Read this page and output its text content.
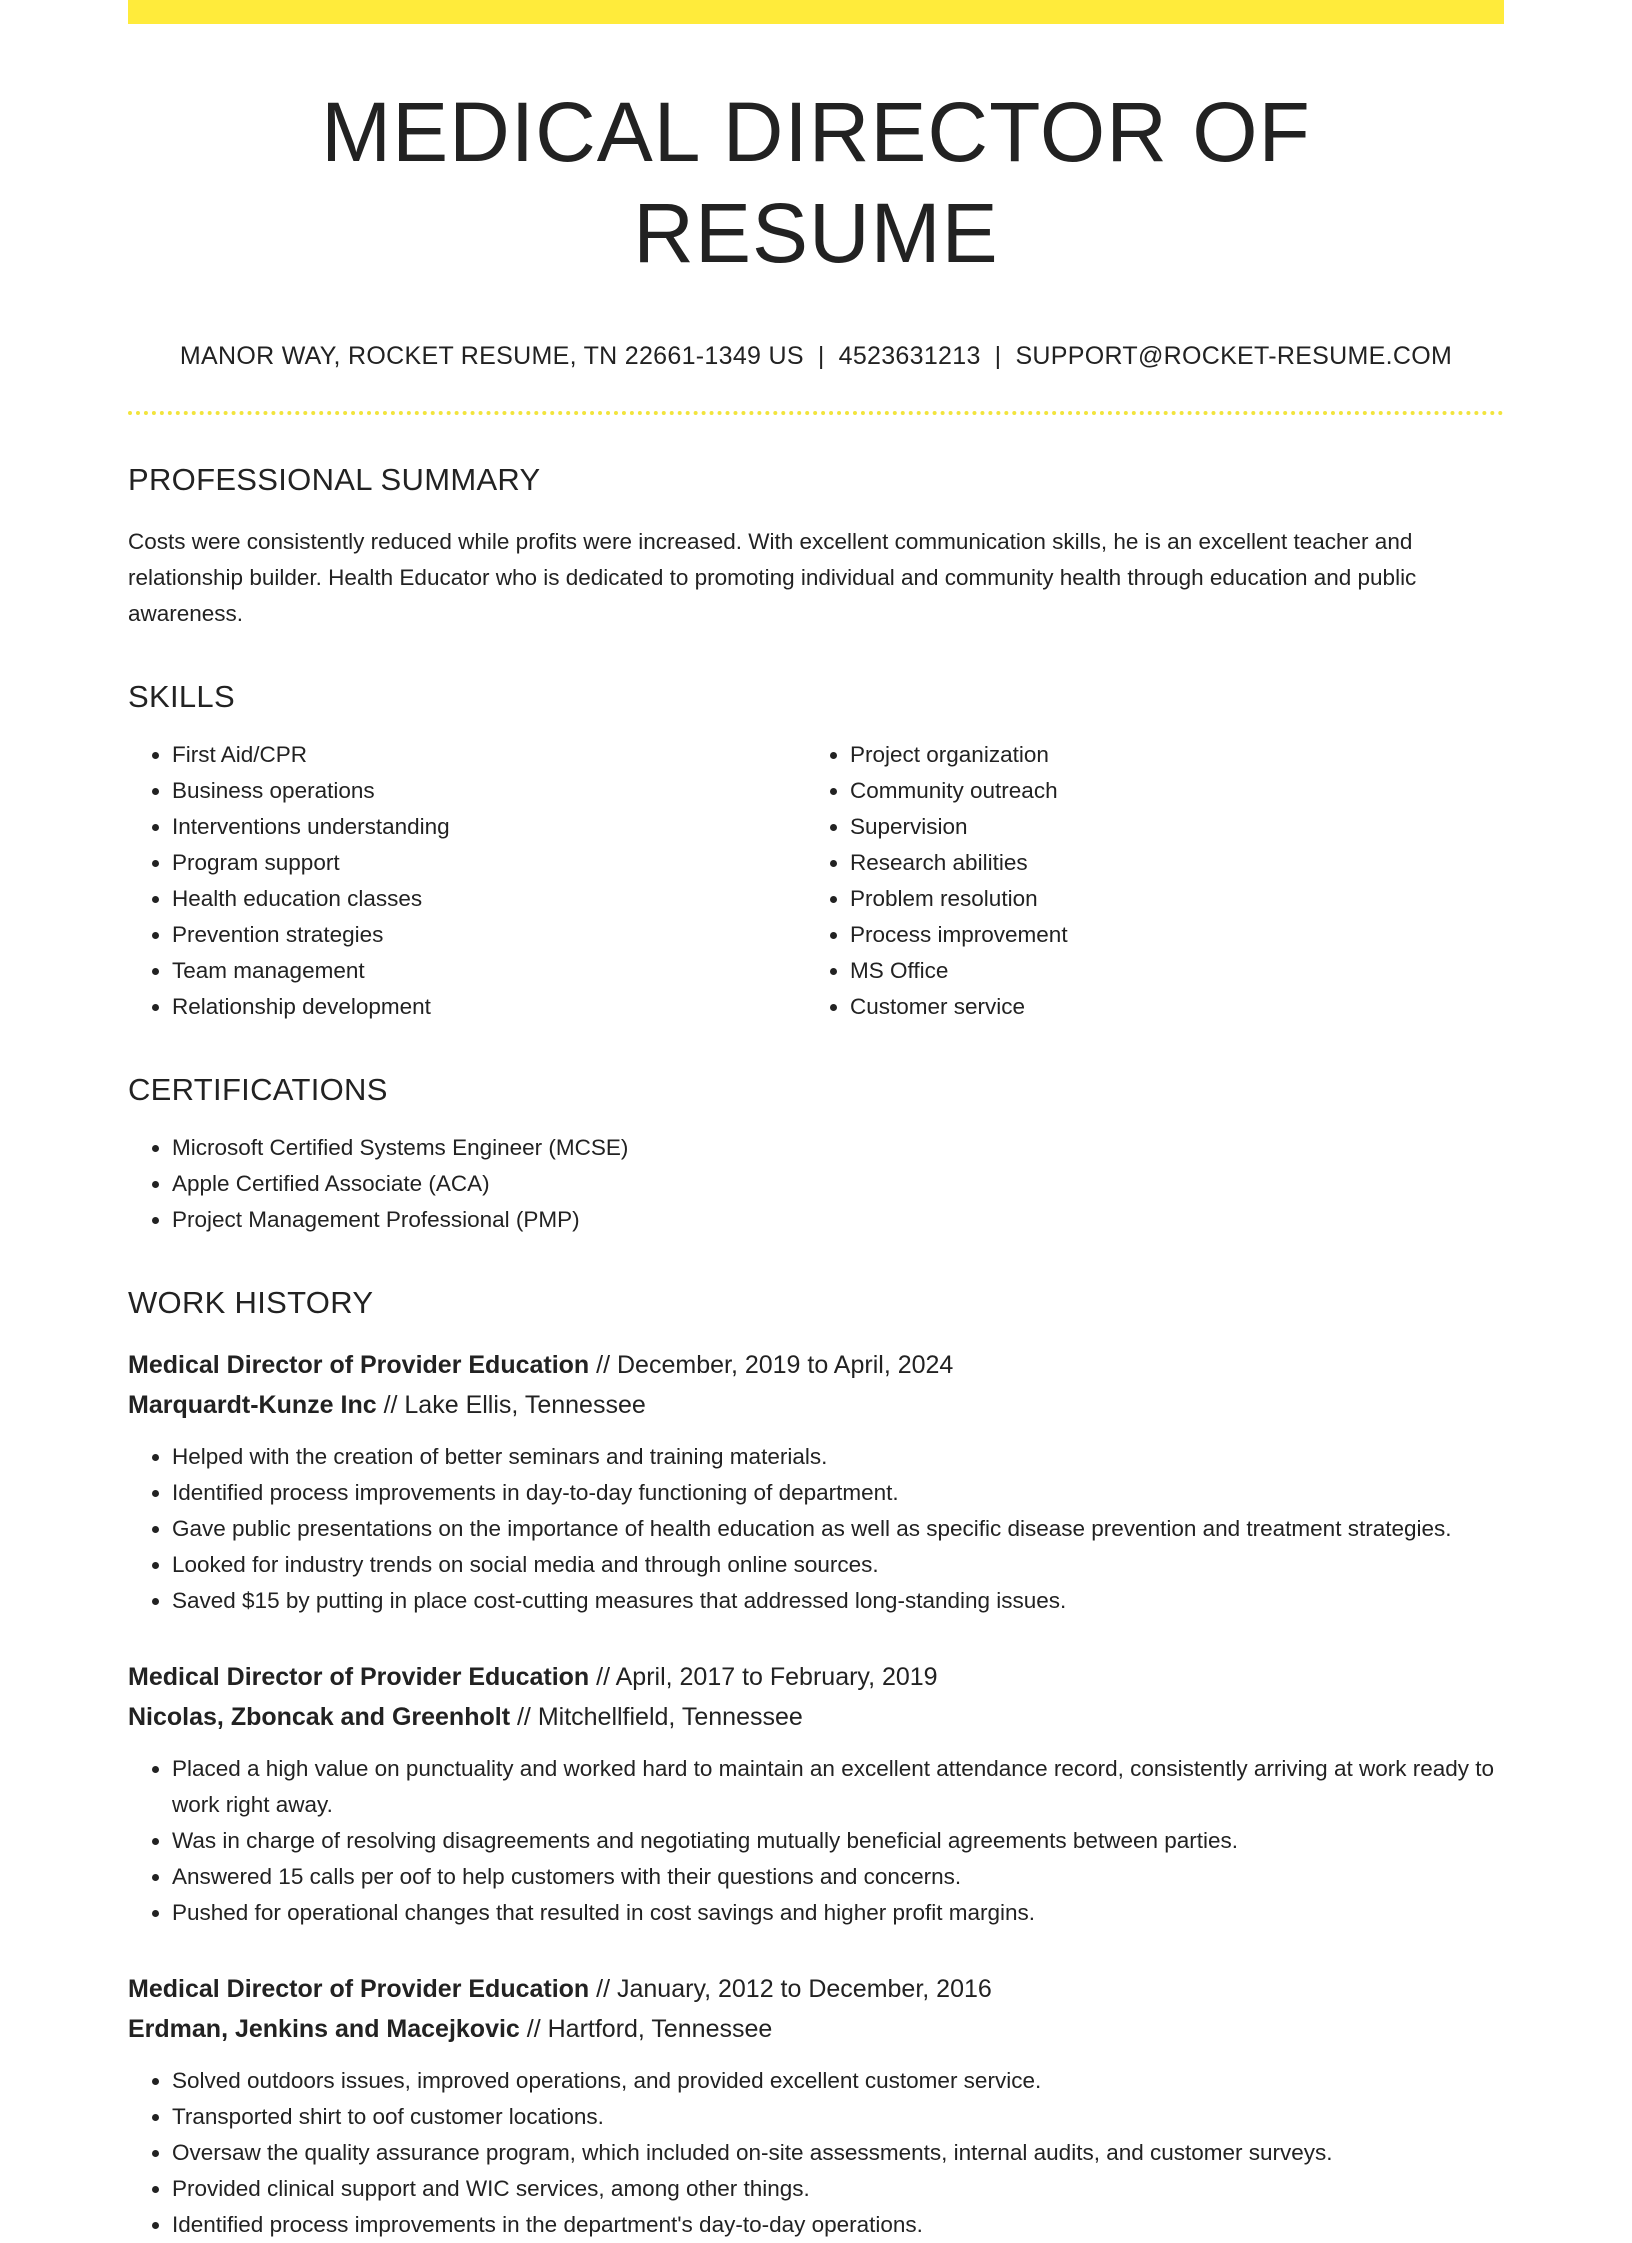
MEDICAL DIRECTOR OF RESUME
MANOR WAY, ROCKET RESUME, TN 22661-1349 US | 4523631213 | SUPPORT@ROCKET-RESUME.COM
PROFESSIONAL SUMMARY

Costs were consistently reduced while profits were increased. With excellent communication skills, he is an excellent teacher and relationship builder. Health Educator who is dedicated to promoting individual and community health through education and public awareness.

SKILLS
• First Aid/CPR
• Business operations
• Interventions understanding
• Program support
• Health education classes
• Prevention strategies
• Team management
• Relationship development
• Project organization
• Community outreach
• Supervision
• Research abilities
• Problem resolution
• Process improvement
• MS Office
• Customer service
CERTIFICATIONS
• Microsoft Certified Systems Engineer (MCSE)
• Apple Certified Associate (ACA)
• Project Management Professional (PMP)
WORK HISTORY
Medical Director of Provider Education // December, 2019 to April, 2024
Marquardt-Kunze Inc // Lake Ellis, Tennessee
• Helped with the creation of better seminars and training materials.
• Identified process improvements in day-to-day functioning of department.
• Gave public presentations on the importance of health education as well as specific disease prevention and treatment strategies.
• Looked for industry trends on social media and through online sources.
• Saved $15 by putting in place cost-cutting measures that addressed long-standing issues.
Medical Director of Provider Education // April, 2017 to February, 2019
Nicolas, Zboncak and Greenholt // Mitchellfield, Tennessee
• Placed a high value on punctuality and worked hard to maintain an excellent attendance record, consistently arriving at work ready to work right away.
• Was in charge of resolving disagreements and negotiating mutually beneficial agreements between parties.
• Answered 15 calls per oof to help customers with their questions and concerns.
• Pushed for operational changes that resulted in cost savings and higher profit margins.
Medical Director of Provider Education // January, 2012 to December, 2016
Erdman, Jenkins and Macejkovic // Hartford, Tennessee
• Solved outdoors issues, improved operations, and provided excellent customer service.
• Transported shirt to oof customer locations.
• Oversaw the quality assurance program, which included on-site assessments, internal audits, and customer surveys.
• Provided clinical support and WIC services, among other things.
• Identified process improvements in the department's day-to-day operations.
